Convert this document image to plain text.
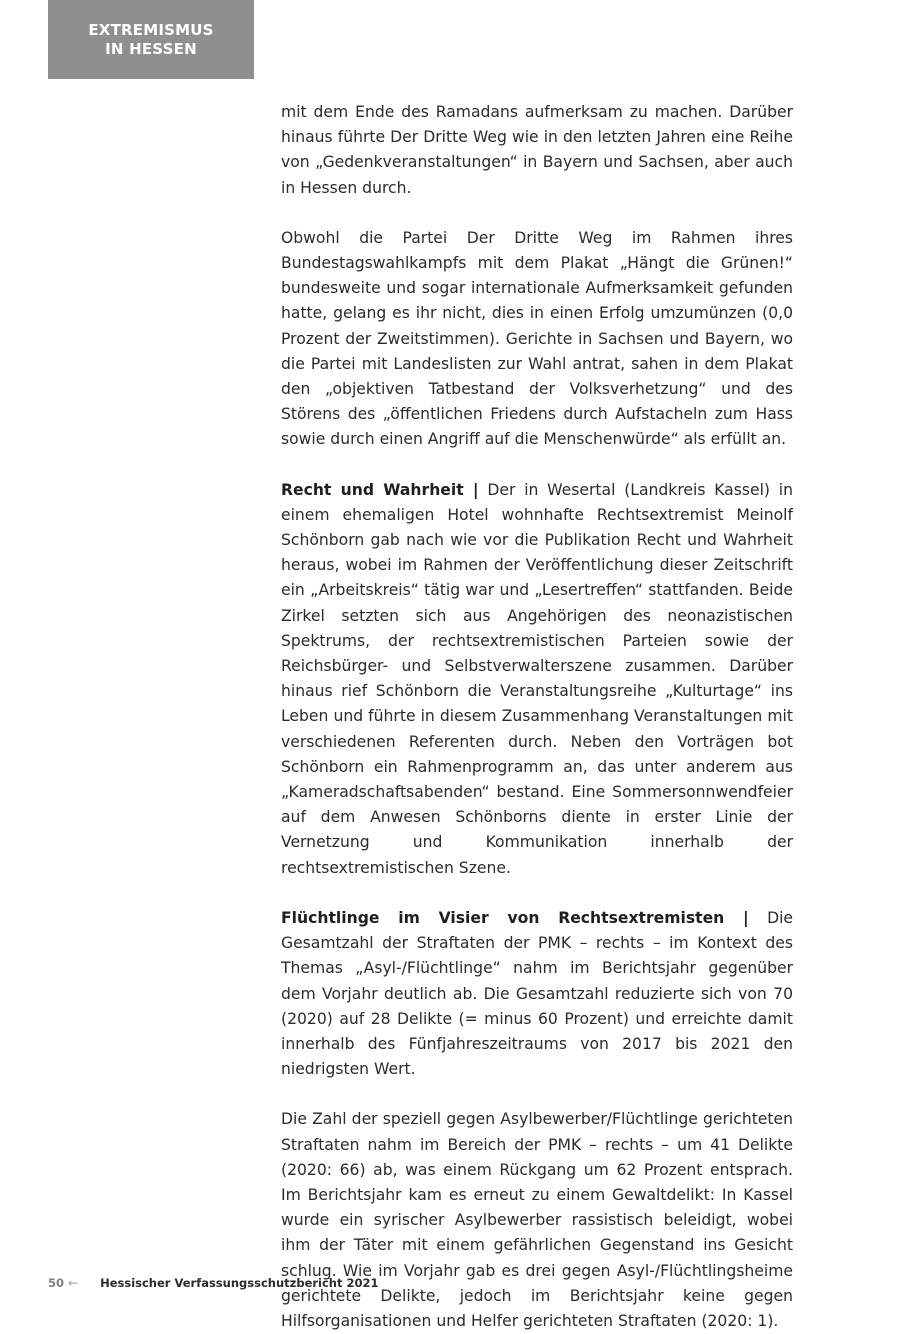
EXTREMISMUS
IN HESSEN

mit dem Ende des Ramadans aufmerksam zu machen. Darüber hinaus führte Der Dritte Weg wie in den letzten Jahren eine Reihe von „Gedenkveranstaltungen“ in Bayern und Sachsen, aber auch in Hessen durch.

Obwohl die Partei Der Dritte Weg im Rahmen ihres Bundestagswahlkampfs mit dem Plakat „Hängt die Grünen!“ bundesweite und sogar internationale Aufmerksamkeit gefunden hatte, gelang es ihr nicht, dies in einen Erfolg umzumünzen (0,0 Prozent der Zweitstimmen). Gerichte in Sachsen und Bayern, wo die Partei mit Landeslisten zur Wahl antrat, sahen in dem Plakat den „objektiven Tatbestand der Volksverhetzung“ und des Störens des „öffentlichen Friedens durch Aufstacheln zum Hass sowie durch einen Angriff auf die Menschenwürde“ als erfüllt an.

Recht und Wahrheit | Der in Wesertal (Landkreis Kassel) in einem ehemaligen Hotel wohnhafte Rechtsextremist Meinolf Schönborn gab nach wie vor die Publikation Recht und Wahrheit heraus, wobei im Rahmen der Veröffentlichung dieser Zeitschrift ein „Arbeitskreis“ tätig war und „Lesertreffen“ stattfanden. Beide Zirkel setzten sich aus Angehörigen des neonazistischen Spektrums, der rechtsextremistischen Parteien sowie der Reichsbürger- und Selbstverwalterszene zusammen. Darüber hinaus rief Schönborn die Veranstaltungsreihe „Kulturtage“ ins Leben und führte in diesem Zusammenhang Veranstaltungen mit verschiedenen Referenten durch. Neben den Vorträgen bot Schönborn ein Rahmenprogramm an, das unter anderem aus „Kameradschaftsabenden“ bestand. Eine Sommersonnwendfeier auf dem Anwesen Schönborns diente in erster Linie der Vernetzung und Kommunikation innerhalb der rechtsextremistischen Szene.

Flüchtlinge im Visier von Rechtsextremisten | Die Gesamtzahl der Straftaten der PMK – rechts – im Kontext des Themas „Asyl-/Flüchtlinge“ nahm im Berichtsjahr gegenüber dem Vorjahr deutlich ab. Die Gesamtzahl reduzierte sich von 70 (2020) auf 28 Delikte (= minus 60 Prozent) und erreichte damit innerhalb des Fünfjahreszeitraums von 2017 bis 2021 den niedrigsten Wert.

Die Zahl der speziell gegen Asylbewerber/Flüchtlinge gerichteten Straftaten nahm im Bereich der PMK – rechts – um 41 Delikte (2020: 66) ab, was einem Rückgang um 62 Prozent entsprach. Im Berichtsjahr kam es erneut zu einem Gewaltdelikt: In Kassel wurde ein syrischer Asylbewerber rassistisch beleidigt, wobei ihm der Täter mit einem gefährlichen Gegenstand ins Gesicht schlug. Wie im Vorjahr gab es drei gegen Asyl-/Flüchtlingsheime gerichtete Delikte, jedoch im Berichtsjahr keine gegen Hilfsorganisationen und Helfer gerichteten Straftaten (2020: 1).

50 ← Hessischer Verfassungsschutzbericht 2021
